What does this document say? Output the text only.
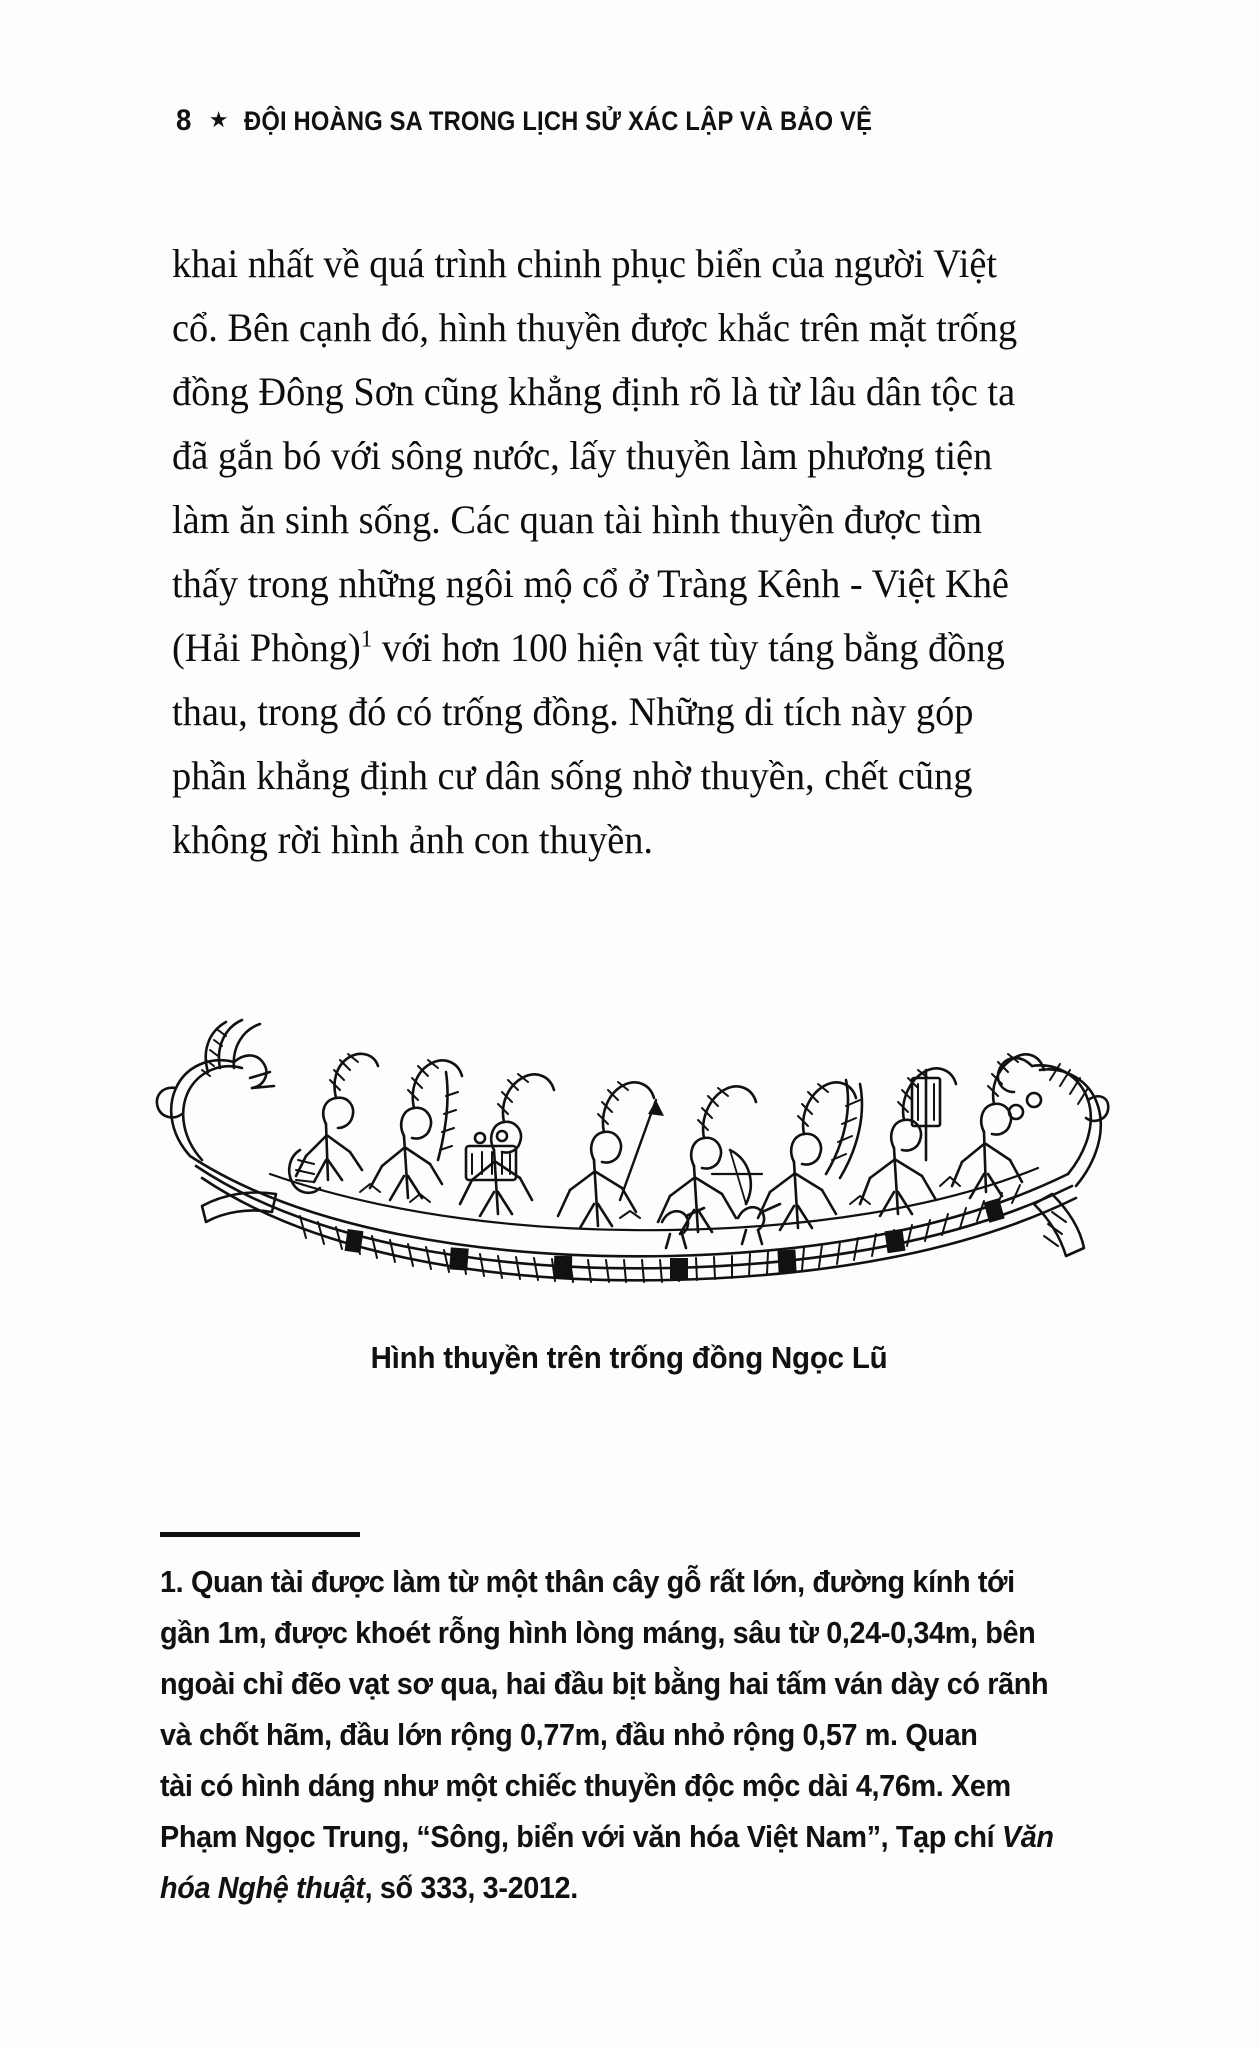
8 ★ ĐỘI HOÀNG SA TRONG LỊCH SỬ XÁC LẬP VÀ BẢO VỆ
khai nhất về quá trình chinh phục biển của người Việt
cổ. Bên cạnh đó, hình thuyền được khắc trên mặt trống
đồng Đông Sơn cũng khẳng định rõ là từ lâu dân tộc ta
đã gắn bó với sông nước, lấy thuyền làm phương tiện
làm ăn sinh sống. Các quan tài hình thuyền được tìm
thấy trong những ngôi mộ cổ ở Tràng Kênh - Việt Khê
(Hải Phòng)$^1$ với hơn 100 hiện vật tùy táng bằng đồng
thau, trong đó có trống đồng. Những di tích này góp
phần khẳng định cư dân sống nhờ thuyền, chết cũng
không rời hình ảnh con thuyền.
Hình thuyền trên trống đồng Ngọc Lũ
1. Quan tài được làm từ một thân cây gỗ rất lớn, đường kính tới
gần 1m, được khoét rỗng hình lòng máng, sâu từ 0,24-0,34m, bên
ngoài chỉ đẽo vạt sơ qua, hai đầu bịt bằng hai tấm ván dày có rãnh
và chốt hãm, đầu lớn rộng 0,77m, đầu nhỏ rộng 0,57 m. Quan
tài có hình dáng như một chiếc thuyền độc mộc dài 4,76m. Xem
Phạm Ngọc Trung, “Sông, biển với văn hóa Việt Nam”, Tạp chí Văn
hóa Nghệ thuật, số 333, 3-2012.
